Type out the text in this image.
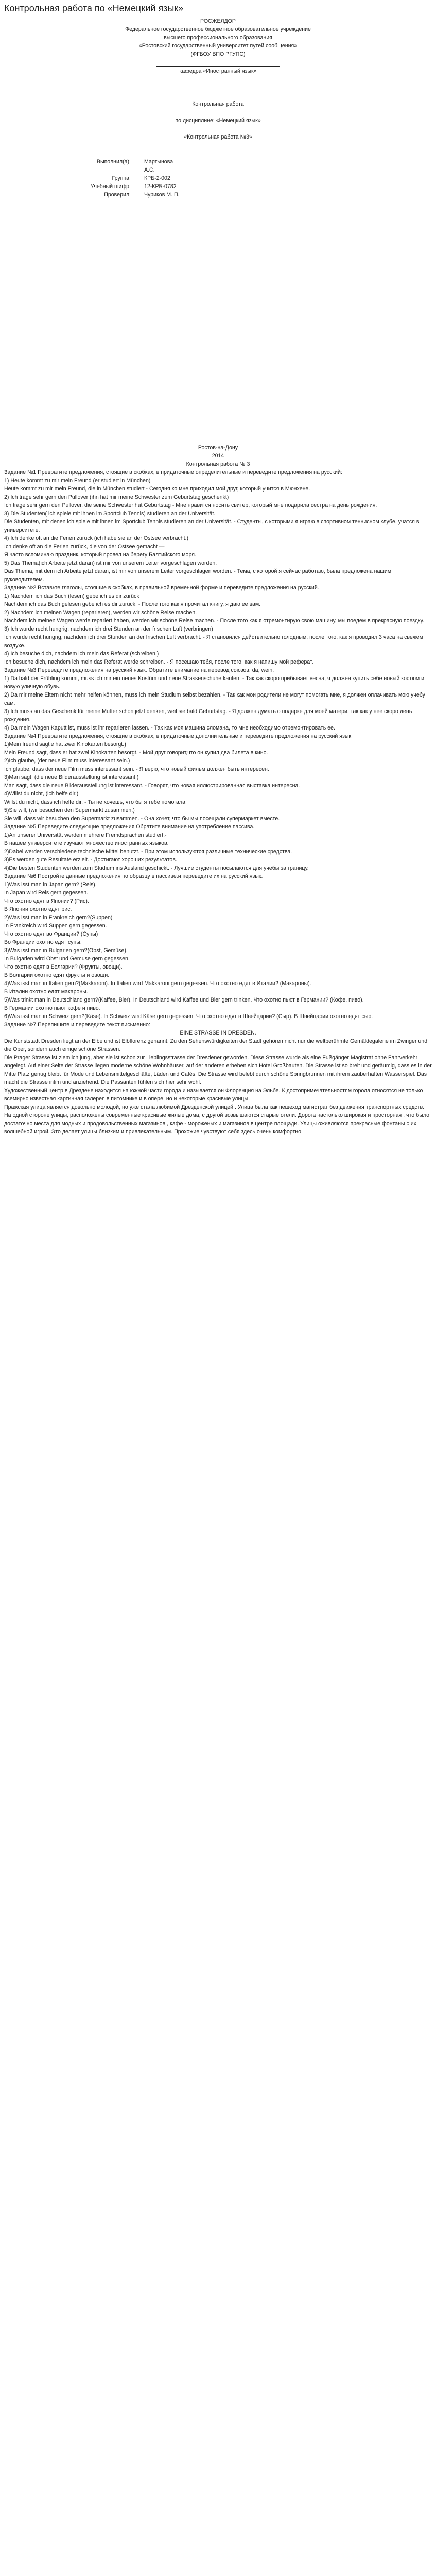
Контрольная работа по «Немецкий язык»
РОСЖЕЛДОР
Федеральное государственное бюджетное образовательное учреждение
высшего профессионального образования
«Ростовский государственный университет путей сообщения»
(ФГБОУ ВПО РГУПС)
кафедра «Иностранный язык»
Контрольная работа
по дисциплине: «Немецкий язык»
«Контрольная работа №3»
Выполнил(а):	Мартынова
	А.С.
Группа:	КРБ-2-002
Учебный шифр:	12-КРБ-0782
Проверил:	Чуриков М. П.
Ростов-на-Дону
2014
Контрольная работа № 3
Задание №1 Превратите предложения, стоящие в скобках, в придаточные определительные и переведите предложения на русский:
1) Heute kommt zu mir mein Freund (er studiert in München)
Heute kommt zu mir mein Freund, die in München studiert - Сегодня ко мне приходил мой друг, который учится в Мюнхене.
2) Ich trage sehr gern den Pullover (ihn hat mir meine Schwester zum Geburtstag geschenkt)
Ich trage sehr gern den Pullover, die seine Schwester hat Geburtstag - Мне нравится носить свитер, который мне подарила сестра на день рождения.
3) Die Studenten( ich spiele mit ihnen im Sportclub Tennis) studieren an der Universität.
Die Studenten, mit denen ich spiele mit ihnen im Sportclub Tennis studieren an der Universität. - Студенты, с которыми я играю в спортивном теннисном клубе, учатся в университете.
4) Ich denke oft an die Ferien zurück (ich habe sie an der Ostsee verbracht.)
Ich denke oft an die Ferien zurück, die von der Ostsee gemacht —
Я часто вспоминаю праздник, который провел на берегу Балтийского моря.
5) Das Thema(ich Arbeite jetzt daran) ist mir von unserem Leiter vorgeschlagen worden.
Das Thema, mit dem ich Arbeite jetzt daran, ist mir von unserem Leiter vorgeschlagen worden. - Тема, с которой я сейчас работаю, была предложена нашим руководителем.
Задание №2 Вставьте глаголы, стоящие в скобках, в правильной временной форме и переведите предложения на русский.
1) Nachdem ich das Buch (lesen) gebe ich es dir zurück
Nachdem ich das Buch gelesen gebe ich es dir zurück. - После того как я прочитал книгу, я даю ее вам.
2) Nachdem ich meinen Wagen (reparieren), werden wir schöne Reise machen.
Nachdem ich meinen Wagen werde repariert haben, werden wir schöne Reise machen. - После того как я отремонтирую свою машину, мы поедем в прекрасную поездку.
3) Ich wurde recht hungrig, nachdem ich drei Stunden an der frischen Luft (verbringen)
Ich wurde recht hungrig, nachdem ich drei Stunden an der frischen Luft verbracht. - Я становился действительно голодным, после того, как я проводил 3 часа на свежем воздухе.
4) Ich besuche dich, nachdem ich mein das Referat (schreiben.)
Ich besuche dich, nachdem ich mein das Referat werde schreiben. - Я посещаю тебя, после того, как я напишу мой реферат.
Задание №3 Переведите предложения на русский язык. Обратите внимание на перевод союзов: da, wein.
1) Da bald der Frühling kommt, muss ich mir ein neues Kostüm und neue Strassenschuhe kaufen. - Так как скоро прибывает весна, я должен купить себе новый костюм и новую уличную обувь.
2) Da mir meine Eltern nicht mehr helfen können, muss ich mein Studium selbst bezahlen. - Так как мои родители не могут помогать мне, я должен оплачивать мою учебу сам.
3) Ich muss an das Geschenk für meine Mutter schon jetzt denken, weil sie bald Geburtstag. - Я должен думать о подарке для моей матери, так как у нее скоро день рождения.
4) Da mein Wagen Kaputt ist, muss ist ihr reparieren lassen. - Так как моя машина сломана, то мне необходимо отремонтировать ее.
Задание №4 Превратите предложения, стоящие в скобках, в придаточные дополнительные и переведите предложения на русский язык.
1)Mein freund sagtie hat zwei Kinokarten besorgt.)
Mein Freund sagt, dass er hat zwei Kinokarten besorgt. - Мой друг говорит,что он купил два билета в кино.
2)Ich glaube, (der neue Film muss interessant sein.)
Ich glaube, dass der neue Film muss interessant sein. - Я верю, что новый фильм должен быть интересен.
3)Man sagt, (die neue Bilderausstellung ist interessant.)
Man sagt, dass die neue Bilderausstellung ist interessant. - Говорят, что новая иллюстрированная выставка интересна.
4)Willst du nicht, (ich helfe dir.)
Willst du nicht, dass ich helfe dir. - Ты не хочешь, что бы я тебе помогала.
5)Sie will, (wir besuchen den Supermarkt zusammen.)
Sie will, dass wir besuchen den Supermarkt zusammen. - Она хочет, что бы мы посещали супермаркет вместе.
Задание №5 Переведите следующие предложения Обратите внимание на употребление пассива.
1)An unserer Universität werden mehrere Fremdsprachen studiert.-
В нашем университете изучают множество иностранных языков.
2)Dabei werden verschiedene technische Mittel benutzt. - При этом используются различные технические средства.
3)Es werden gute Resultate erzielt. - Достигают хороших результатов.
4)Die besten Studenten werden zum Studium ins Ausland geschickt. - Лучшие студенты посылаются для учебы за границу.
Задание №6 Постройте данные предложения по образцу в пассиве.и переведите их на русский язык.
1)Was isst man in Japan gern? (Reis).
In Japan wird Reis gern gegessen.
Что охотно едят в Японии? (Рис).
В Японии охотно едят рис.
2)Was isst man in Frankreich gern?(Suppen)
In Frankreich wird Suppen gern gegessen.
Что охотно едят во Франции? (Супы)
Во Франции охотно едят супы.
3)Was isst man in Bulgarien gern?(Obst, Gemüse).
In Bulgarien wird Obst und Gemuse gern gegessen.
Что охотно едят в Болгарии? (Фрукты, овощи).
В Болгарии охотно едят фрукты и овощи.
4)Was isst man in Italien gern?(Makkaroni). In Italien wird Makkaroni gern gegessen. Что охотно едят в Италии? (Макароны).
В Италии охотно едят макароны.
5)Was trinkt man in Deutschland gern?(Kaffee, Bier). In Deutschland wird Kaffee und Bier gern trinken. Что охотно пьют в Германии? (Кофе, пиво).
В Германии охотно пьют кофе и пиво.
6)Was isst man in Schweiz gern?(Käse). In Schweiz wird Käse gern gegessen. Что охотно едят в Швейцарии? (Сыр). В Швейцарии охотно едят сыр.
Задание №7 Перепишите и переведите текст письменно:
EINE STRASSE IN DRESDEN.
Die Kunststadt Dresden liegt an der Elbe und ist Elbflorenz genannt. Zu den Sehenswürdigkeiten der Stadt gehören nicht nur die weltberühmte Gemäldegalerie im Zwinger und die Oper, sondern auch einige schöne Strassen.
Die Prager Strasse ist ziemlich jung, aber sie ist schon zur Lieblingsstrasse der Dresdener geworden. Diese Strasse wurde als eine Fußgänger Magistrat ohne Fahrverkehr angelegt. Auf einer Seite der Strasse liegen moderne schöne Wohnhäuser, auf der anderen erheben sich Hotel Großbauten. Die Strasse ist so breit und geräumig, dass es in der Mitte Platz genug bleibt für Mode und Lebensmittelgeschäfte, Läden und Cafés. Die Strasse wird belebt durch schöne Springbrunnen mit ihrem zauberhaften Wasserspiel. Das macht die Strasse intim und anziehend. Die Passanten fühlen sich hier sehr wohl.
Художественный центр в Дрездене находится на южной части города и называется он Флоренция на Эльбе. К достопримечательностям города относятся не только всемирно известная картинная галерея в питомнике и в опере, но и некоторые красивые улицы.
Пражская улица является довольно молодой, но уже стала любимой Дрезденской улицей . Улица была как пешеход магистрат без движения транспортных средств. На одной стороне улицы, расположены современные красивые жилые дома, с другой возвышаются старые отели. Дорога настолько широкая и просторная , что было достаточно места для модных и продовольственных магазинов , кафе - мороженых и магазинов в центре площади. Улицы оживляются прекрасные фонтаны с их волшебной игрой. Это делает улицы близким и привлекательным. Прохожие чувствуют себя здесь очень комфортно.
